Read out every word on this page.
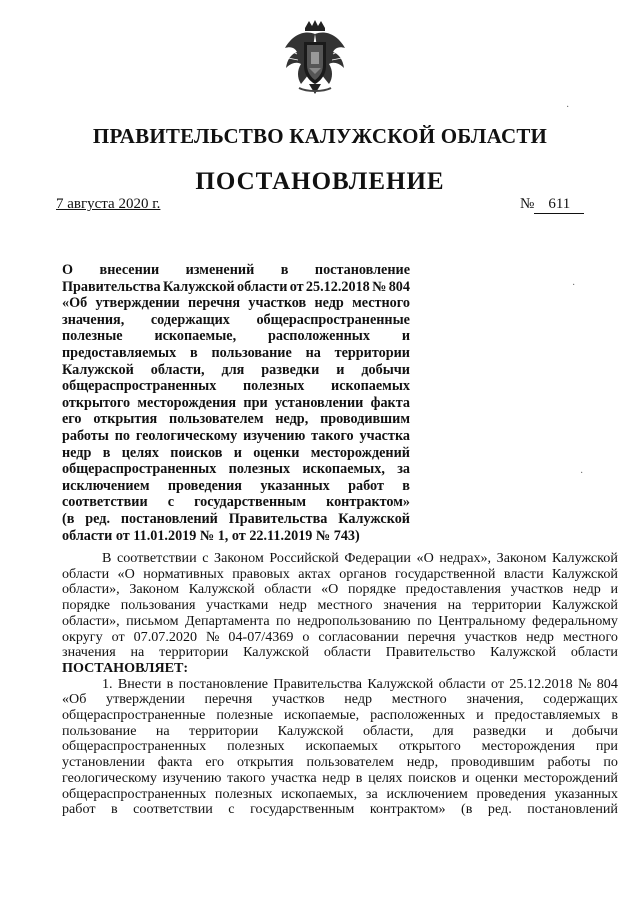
ПРАВИТЕЛЬСТВО КАЛУЖСКОЙ ОБЛАСТИ
ПОСТАНОВЛЕНИЕ
7 августа 2020 г.	№ 611
О внесении изменений в постановление
Правительства Калужской области от 25.12.2018 № 804
«Об утверждении перечня участков недр местного
значения, содержащих общераспространенные
полезные ископаемые, расположенных и
предоставляемых в пользование на территории
Калужской области, для разведки и добычи
общераспространенных полезных ископаемых
открытого месторождения при установлении факта
его открытия пользователем недр, проводившим
работы по геологическому изучению такого участка
недр в целях поисков и оценки месторождений
общераспространенных полезных ископаемых, за
исключением проведения указанных работ в
соответствии с государственным контрактом»
(в ред. постановлений Правительства Калужской
области от 11.01.2019 № 1, от 22.11.2019 № 743)
В соответствии с Законом Российской Федерации «О недрах», Законом Калужской
области «О нормативных правовых актах органов государственной власти Калужской
области», Законом Калужской области «О порядке предоставления участков недр и
порядке пользования участками недр местного значения на территории Калужской
области», письмом Департамента по недропользованию по Центральному федеральному
округу от 07.07.2020 № 04-07/4369 о согласовании перечня участков недр местного
значения на территории Калужской области Правительство Калужской области
ПОСТАНОВЛЯЕТ:
1. Внести в постановление Правительства Калужской области от 25.12.2018 № 804
«Об утверждении перечня участков недр местного значения, содержащих
общераспространенные полезные ископаемые, расположенных и предоставляемых в
пользование на территории Калужской области, для разведки и добычи
общераспространенных полезных ископаемых открытого месторождения при
установлении факта его открытия пользователем недр, проводившим работы по
геологическому изучению такого участка недр в целях поисков и оценки месторождений
общераспространенных полезных ископаемых, за исключением проведения указанных
работ в соответствии с государственным контрактом» (в ред. постановлений
·
·
·
